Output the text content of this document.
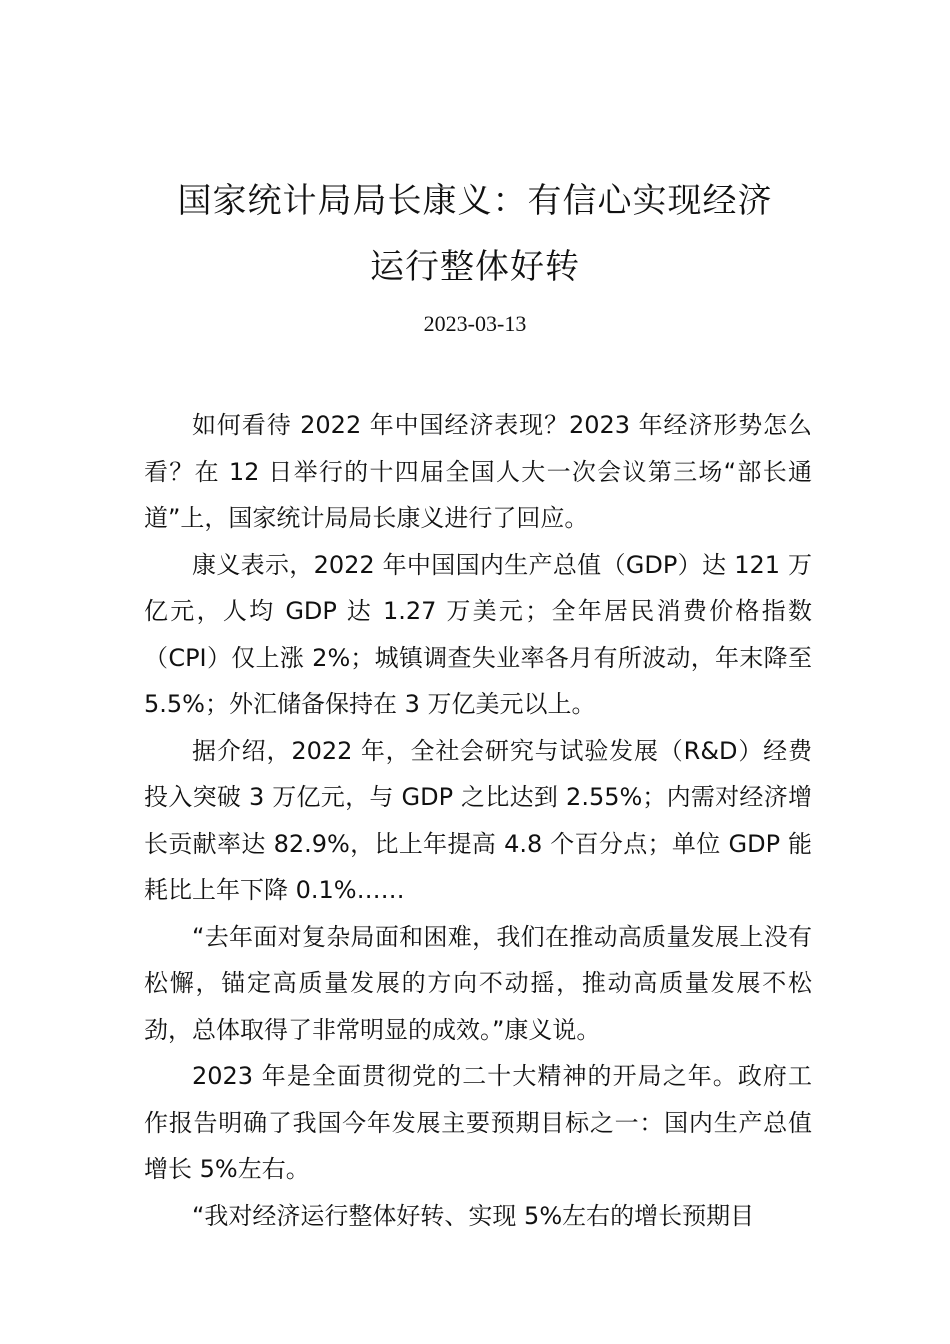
国家统计局局长康义：有信心实现经济
运行整体好转
2023-03-13

如何看待 2022 年中国经济表现？2023 年经济形势怎么看？在 12 日举行的十四届全国人大一次会议第三场“部长通道”上，国家统计局局长康义进行了回应。

康义表示，2022 年中国国内生产总值（GDP）达 121 万亿元，人均 GDP 达 1.27 万美元；全年居民消费价格指数（CPI）仅上涨 2%；城镇调查失业率各月有所波动，年末降至 5.5%；外汇储备保持在 3 万亿美元以上。

据介绍，2022 年，全社会研究与试验发展（R&D）经费投入突破 3 万亿元，与 GDP 之比达到 2.55%；内需对经济增长贡献率达 82.9%，比上年提高 4.8 个百分点；单位 GDP 能耗比上年下降 0.1%……

“去年面对复杂局面和困难，我们在推动高质量发展上没有松懈，锚定高质量发展的方向不动摇，推动高质量发展不松劲，总体取得了非常明显的成效。”康义说。

2023 年是全面贯彻党的二十大精神的开局之年。政府工作报告明确了我国今年发展主要预期目标之一：国内生产总值增长 5%左右。

“我对经济运行整体好转、实现 5%左右的增长预期目
